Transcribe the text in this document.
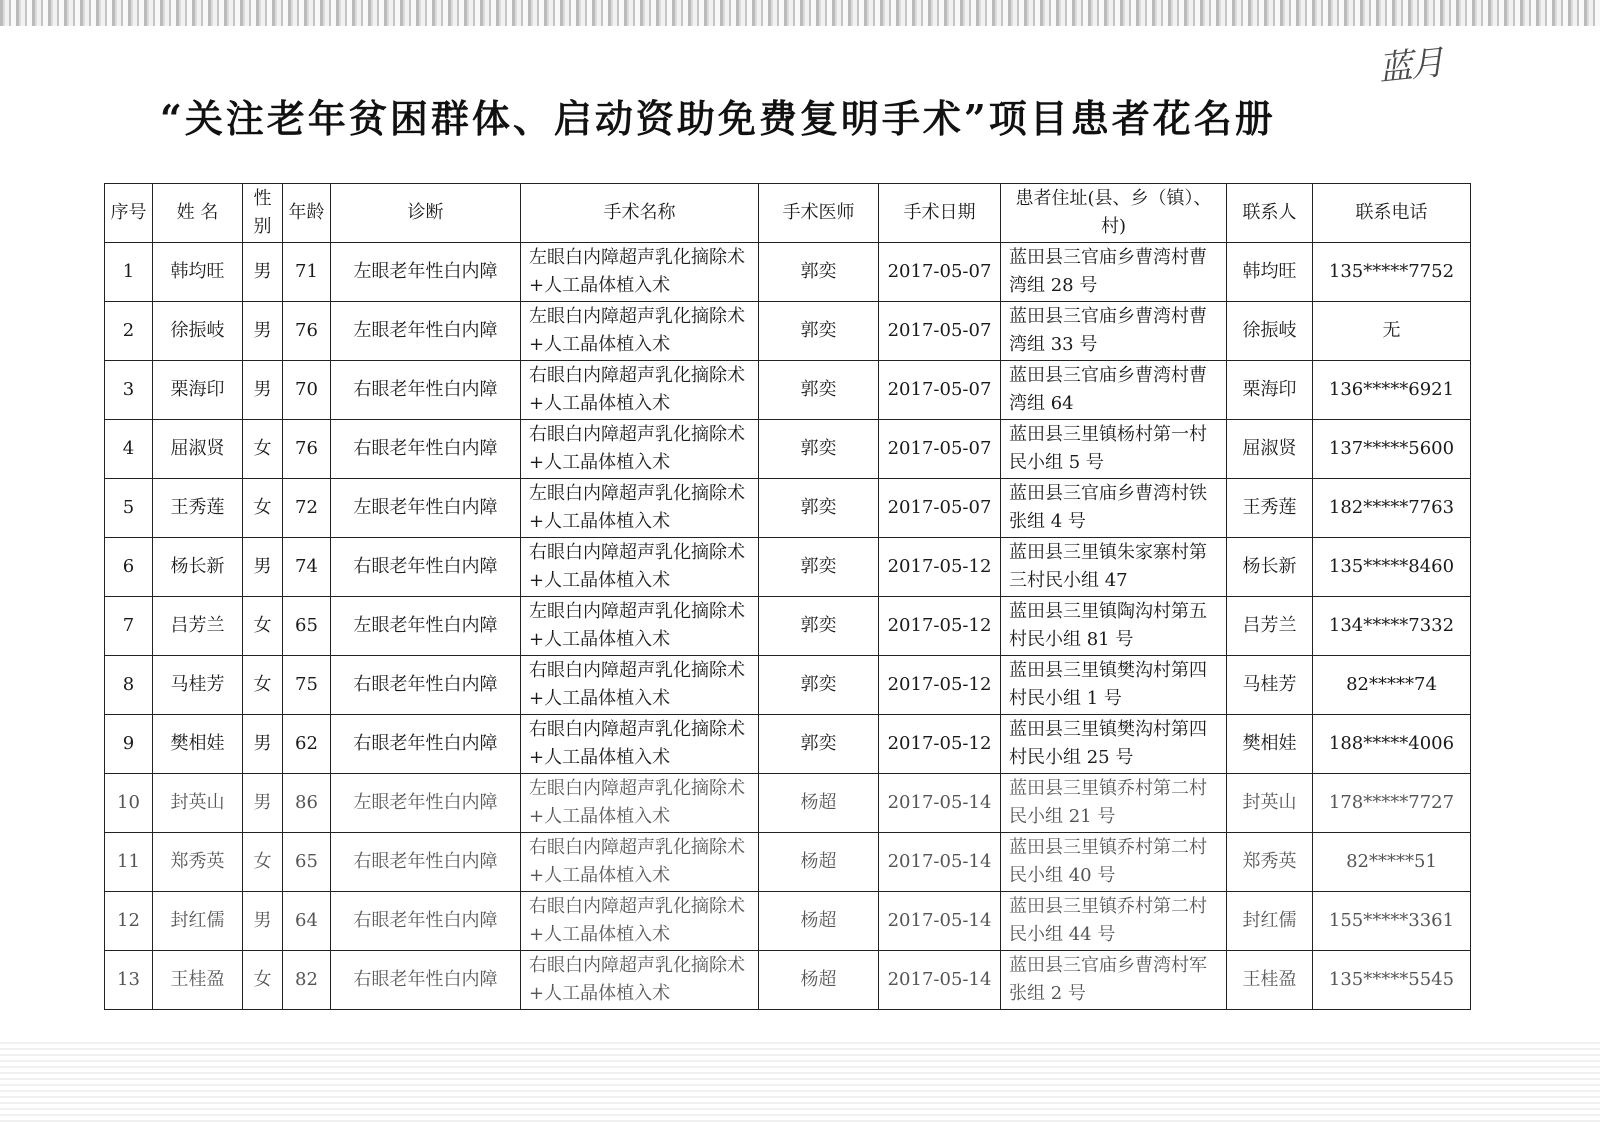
蓝月
“关注老年贫困群体、启动资助免费复明手术”项目患者花名册
序号	姓 名	性别	年龄	诊断	手术名称	手术医师	手术日期	患者住址(县、乡（镇）、村)	联系人	联系电话
1	韩均旺	男	71	左眼老年性白内障	左眼白内障超声乳化摘除术+人工晶体植入术	郭奕	2017-05-07	蓝田县三官庙乡曹湾村曹湾组 28 号	韩均旺	135*****7752
2	徐振岐	男	76	左眼老年性白内障	左眼白内障超声乳化摘除术+人工晶体植入术	郭奕	2017-05-07	蓝田县三官庙乡曹湾村曹湾组 33 号	徐振岐	无
3	栗海印	男	70	右眼老年性白内障	右眼白内障超声乳化摘除术+人工晶体植入术	郭奕	2017-05-07	蓝田县三官庙乡曹湾村曹湾组 64	栗海印	136*****6921
4	屈淑贤	女	76	右眼老年性白内障	右眼白内障超声乳化摘除术+人工晶体植入术	郭奕	2017-05-07	蓝田县三里镇杨村第一村民小组 5 号	屈淑贤	137*****5600
5	王秀莲	女	72	左眼老年性白内障	左眼白内障超声乳化摘除术+人工晶体植入术	郭奕	2017-05-07	蓝田县三官庙乡曹湾村铁张组 4 号	王秀莲	182*****7763
6	杨长新	男	74	右眼老年性白内障	右眼白内障超声乳化摘除术+人工晶体植入术	郭奕	2017-05-12	蓝田县三里镇朱家寨村第三村民小组 47	杨长新	135*****8460
7	吕芳兰	女	65	左眼老年性白内障	左眼白内障超声乳化摘除术+人工晶体植入术	郭奕	2017-05-12	蓝田县三里镇陶沟村第五村民小组 81 号	吕芳兰	134*****7332
8	马桂芳	女	75	右眼老年性白内障	右眼白内障超声乳化摘除术+人工晶体植入术	郭奕	2017-05-12	蓝田县三里镇樊沟村第四村民小组 1 号	马桂芳	82*****74
9	樊相娃	男	62	右眼老年性白内障	右眼白内障超声乳化摘除术+人工晶体植入术	郭奕	2017-05-12	蓝田县三里镇樊沟村第四村民小组 25 号	樊相娃	188*****4006
10	封英山	男	86	左眼老年性白内障	左眼白内障超声乳化摘除术+人工晶体植入术	杨超	2017-05-14	蓝田县三里镇乔村第二村民小组 21 号	封英山	178*****7727
11	郑秀英	女	65	右眼老年性白内障	右眼白内障超声乳化摘除术+人工晶体植入术	杨超	2017-05-14	蓝田县三里镇乔村第二村民小组 40 号	郑秀英	82*****51
12	封红儒	男	64	右眼老年性白内障	右眼白内障超声乳化摘除术+人工晶体植入术	杨超	2017-05-14	蓝田县三里镇乔村第二村民小组 44 号	封红儒	155*****3361
13	王桂盈	女	82	右眼老年性白内障	右眼白内障超声乳化摘除术+人工晶体植入术	杨超	2017-05-14	蓝田县三官庙乡曹湾村军张组 2 号	王桂盈	135*****5545
